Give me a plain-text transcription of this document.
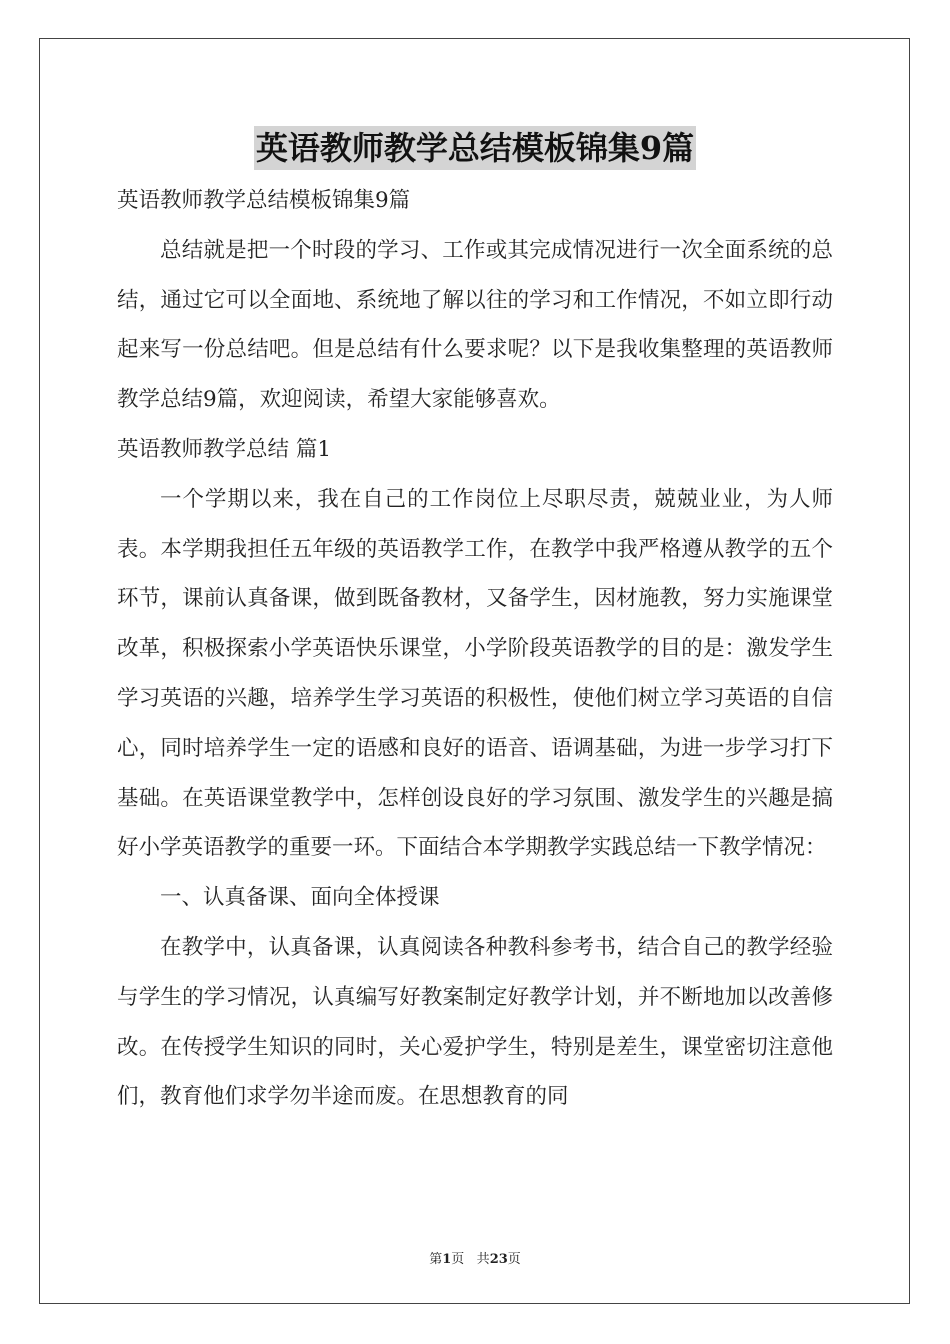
英语教师教学总结模板锦集9篇

英语教师教学总结模板锦集9篇

总结就是把一个时段的学习、工作或其完成情况进行一次全面系统的总结，通过它可以全面地、系统地了解以往的学习和工作情况，不如立即行动起来写一份总结吧。但是总结有什么要求呢？以下是我收集整理的英语教师教学总结9篇，欢迎阅读，希望大家能够喜欢。

英语教师教学总结 篇1

一个学期以来，我在自己的工作岗位上尽职尽责，兢兢业业，为人师表。本学期我担任五年级的英语教学工作，在教学中我严格遵从教学的五个环节，课前认真备课，做到既备教材，又备学生，因材施教，努力实施课堂改革，积极探索小学英语快乐课堂，小学阶段英语教学的目的是：激发学生学习英语的兴趣，培养学生学习英语的积极性，使他们树立学习英语的自信心，同时培养学生一定的语感和良好的语音、语调基础，为进一步学习打下基础。在英语课堂教学中，怎样创设良好的学习氛围、激发学生的兴趣是搞好小学英语教学的重要一环。下面结合本学期教学实践总结一下教学情况：

一、认真备课、面向全体授课

在教学中，认真备课，认真阅读各种教科参考书，结合自己的教学经验与学生的学习情况，认真编写好教案制定好教学计划，并不断地加以改善修改。在传授学生知识的同时，关心爱护学生，特别是差生，课堂密切注意他们，教育他们求学勿半途而废。在思想教育的同

第1页 共23页
